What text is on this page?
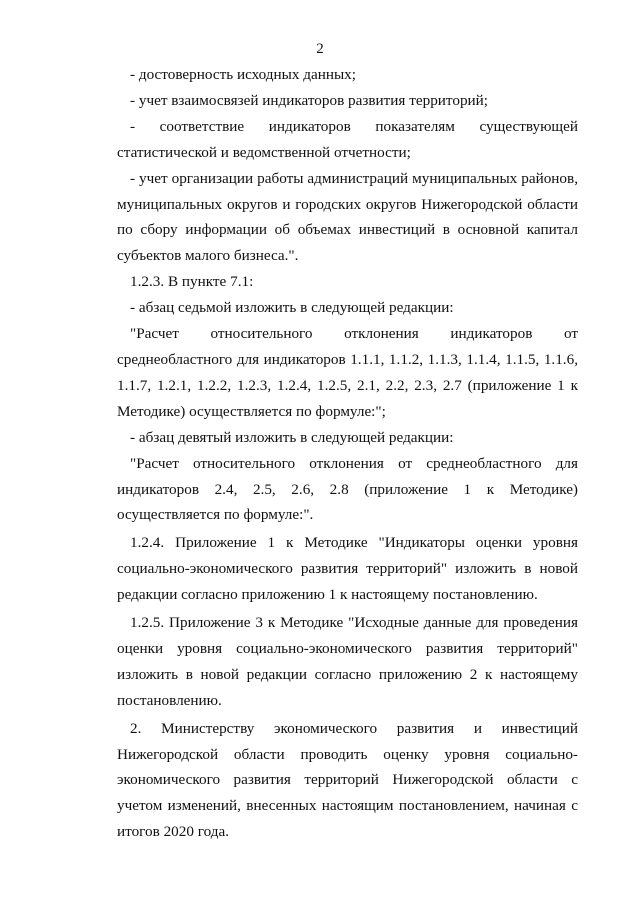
2

- достоверность исходных данных;

- учет взаимосвязей индикаторов развития территорий;

- соответствие индикаторов показателям существующей статистической и ведомственной отчетности;

- учет организации работы администраций муниципальных районов, муниципальных округов и городских округов Нижегородской области по сбору информации об объемах инвестиций в основной капитал субъектов малого бизнеса.".

1.2.3. В пункте 7.1:

- абзац седьмой изложить в следующей редакции:

"Расчет относительного отклонения индикаторов от среднеобластного для индикаторов 1.1.1, 1.1.2, 1.1.3, 1.1.4, 1.1.5, 1.1.6, 1.1.7, 1.2.1, 1.2.2, 1.2.3, 1.2.4, 1.2.5, 2.1, 2.2, 2.3, 2.7 (приложение 1 к Методике) осуществляется по формуле:";

- абзац девятый изложить в следующей редакции:

"Расчет относительного отклонения от среднеобластного для индикаторов 2.4, 2.5, 2.6, 2.8 (приложение 1 к Методике) осуществляется по формуле:".

1.2.4. Приложение 1 к Методике "Индикаторы оценки уровня социально-экономического развития территорий" изложить в новой редакции согласно приложению 1 к настоящему постановлению.

1.2.5. Приложение 3 к Методике "Исходные данные для проведения оценки уровня социально-экономического развития территорий" изложить в новой редакции согласно приложению 2 к настоящему постановлению.

2. Министерству экономического развития и инвестиций Нижегородской области проводить оценку уровня социально-экономического развития территорий Нижегородской области с учетом изменений, внесенных настоящим постановлением, начиная с итогов 2020 года.
